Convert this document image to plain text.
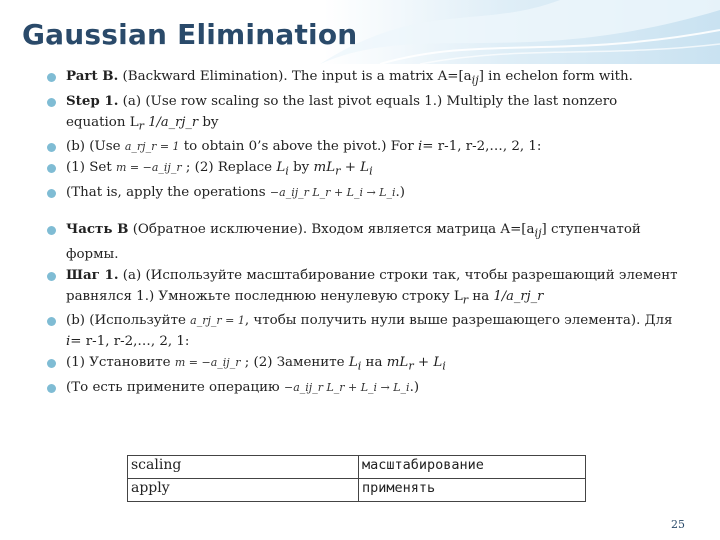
Gaussian Elimination

Part B. (Backward Elimination). The input is a matrix $A=[a_{ij}]$ in echelon form with.

Step 1. (a) (Use row scaling so the last pivot equals 1.) Multiply the last nonzero
equation $L_r$ 1/a_rj_r by

(b) (Use a_rj_r = 1 to obtain 0’s above the pivot.) For i= r-1, r-2,…, 2, 1:

(1) Set m = −a_ij_r ; (2) Replace $L_i$ by $mL_r + L_i$

(That is, apply the operations −a_ij_r L_r + L_i → L_i.)

Часть B (Обратное исключение). Входом является матрица $A=[a_{ij}]$ ступенчатой формы.

Шаг 1. (a) (Используйте масштабирование строки так, чтобы разрешающий элемент равнялся 1.) Умножьте последнюю ненулевую строку $L_r$ на 1/a_rj_r

(b) (Используйте a_rj_r = 1, чтобы получить нули выше разрешающего элемента). Для i= r-1, r-2,…, 2, 1:

(1) Установите m = −a_ij_r ; (2) Замените $L_i$ на $mL_r + L_i$

(То есть примените операцию −a_ij_r L_r + L_i → L_i.)

scaling	масштабирование
apply	применять
25
